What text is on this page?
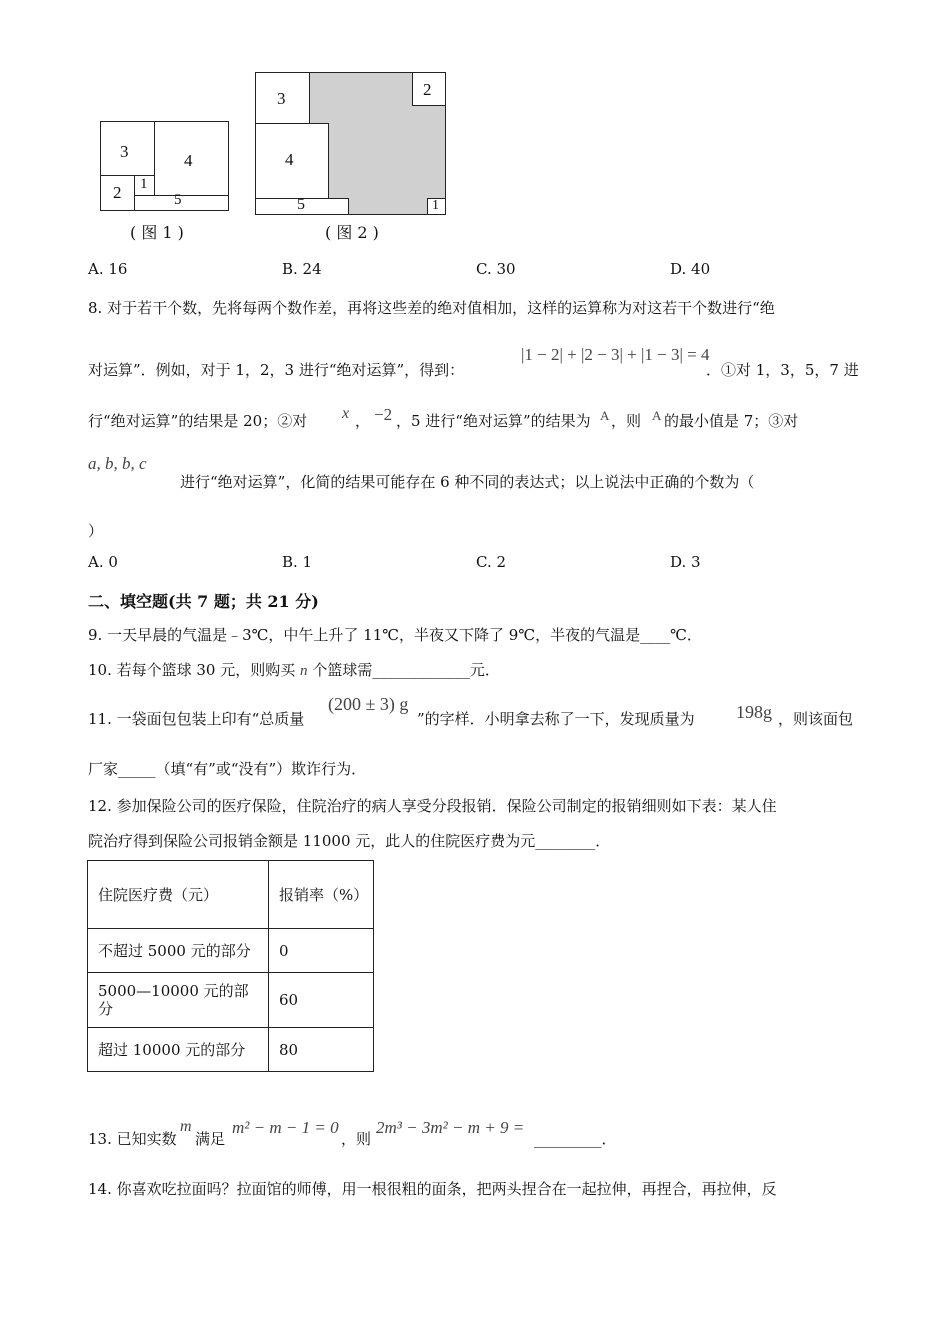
3	4
2 1
5
( 图 1 )
3	2
4
5	1
( 图 2 )
A. 16	B. 24	C. 30	D. 40
8. 对于若干个数，先将每两个数作差，再将这些差的绝对值相加，这样的运算称为对这若干个数进行“绝
对运算”．例如，对于 1，2，3 进行“绝对运算”，得到：
|1 − 2| + |2 − 3| + |1 − 3| = 4
．①对 1，3，5，7 进
行“绝对运算”的结果是 20；②对 x ， −2 ，5 进行“绝对运算”的结果为 A ，则 A 的最小值是 7；③对
a, b, b, c
进行“绝对运算”，化简的结果可能存在 6 种不同的表达式；以上说法中正确的个数为（
）
A. 0	B. 1	C. 2	D. 3
二、填空题(共 7 题；共 21 分)
9. 一天早晨的气温是﹣3℃，中午上升了 11℃，半夜又下降了 9℃，半夜的气温是____℃．
10. 若每个篮球 30 元，则购买 n 个篮球需_____________元．
11. 一袋面包包装上印有“总质量
(200 ± 3) g
”的字样．小明拿去称了一下，发现质量为 198g ，则该面包
厂家_____（填“有”或“没有”）欺诈行为．
12. 参加保险公司的医疗保险，住院治疗的病人享受分段报销．保险公司制定的报销细则如下表：某人住
院治疗得到保险公司报销金额是 11000 元，此人的住院医疗费为元________．
住院医疗费（元）	报销率（%）
不超过 5000 元的部分	0
5000—10000 元的部分	60
超过 10000 元的部分	80
13. 已知实数
m
满足
m² − m − 1 = 0
，则
2m³ − 3m² − m + 9 =
_________．
14. 你喜欢吃拉面吗？拉面馆的师傅，用一根很粗的面条，把两头捏合在一起拉伸，再捏合，再拉伸，反
